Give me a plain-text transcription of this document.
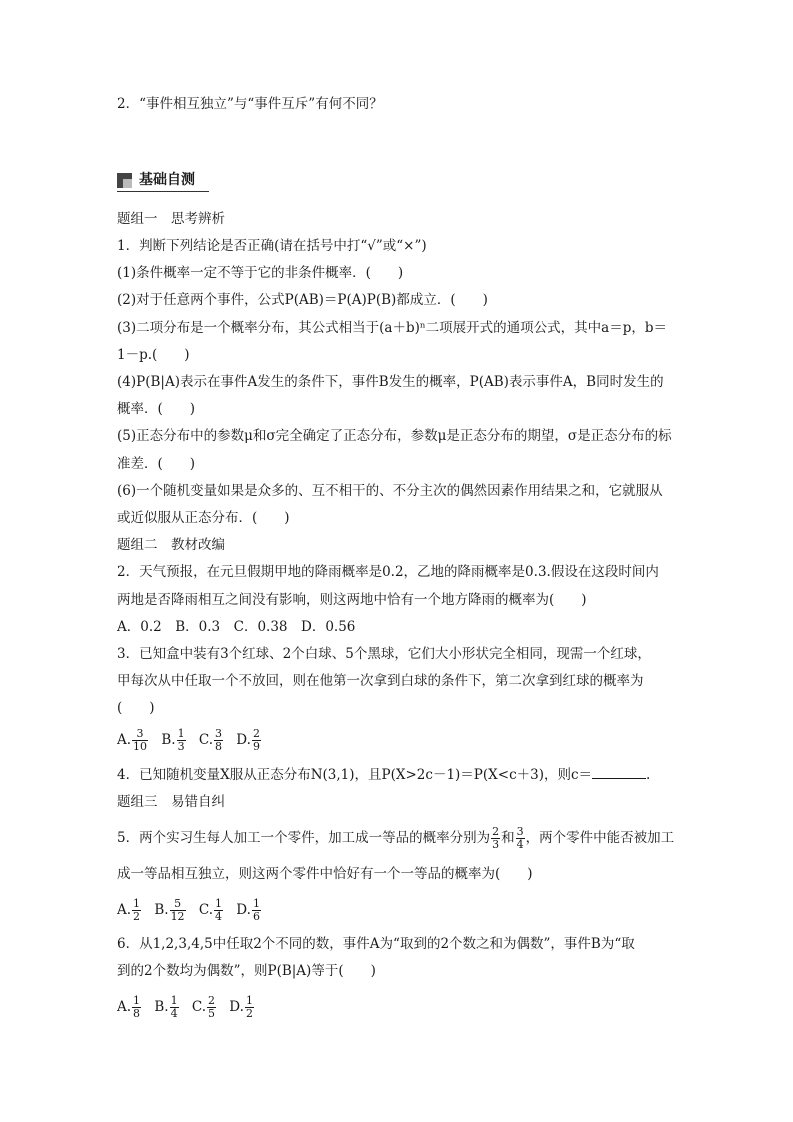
2．“事件相互独立”与“事件互斥”有何不同？
基础自测
题组一　思考辨析
1．判断下列结论是否正确(请在括号中打“√”或“×”)
(1)条件概率一定不等于它的非条件概率．(　　)
(2)对于任意两个事件，公式P(AB)＝P(A)P(B)都成立．(　　)
(3)二项分布是一个概率分布，其公式相当于(a＋b)ⁿ二项展开式的通项公式，其中a＝p，b＝
1－p.(　　)
(4)P(B|A)表示在事件A发生的条件下，事件B发生的概率，P(AB)表示事件A，B同时发生的
概率．(　　)
(5)正态分布中的参数μ和σ完全确定了正态分布，参数μ是正态分布的期望，σ是正态分布的标
准差．(　　)
(6)一个随机变量如果是众多的、互不相干的、不分主次的偶然因素作用结果之和，它就服从
或近似服从正态分布．(　　)
题组二　教材改编
2．天气预报，在元旦假期甲地的降雨概率是0.2，乙地的降雨概率是0.3.假设在这段时间内
两地是否降雨相互之间没有影响，则这两地中恰有一个地方降雨的概率为(　　)
A．0.2　B．0.3　C．0.38　D．0.56
3．已知盒中装有3个红球、2个白球、5个黑球，它们大小形状完全相同，现需一个红球，
甲每次从中任取一个不放回，则在他第一次拿到白球的条件下，第二次拿到红球的概率为
(　　)
A. $\frac{3}{10} B$. $\frac{1}{3} C$. $\frac{3}{8} D$. $\frac{2}{9}$
4．已知随机变量X服从正态分布N(3,1)，且P(X>2c－1)＝P(X<c＋3)，则c＝	.
题组三　易错自纠
5．两个实习生每人加工一个零件，加工成一等品的概率分别为 $\frac{2}{3}$ 和 $\frac{3}{4}$ ，两个零件中能否被加工
成一等品相互独立，则这两个零件中恰好有一个一等品的概率为(　　)
A. $\frac{1}{2} B$. $\frac{5}{12} C$. $\frac{1}{4} D$. $\frac{1}{6}$
6．从1,2,3,4,5中任取2个不同的数，事件A为“取到的2个数之和为偶数”，事件B为“取
到的2个数均为偶数”，则P(B|A)等于(　　)
A. $\frac{1}{8} B$. $\frac{1}{4} C$. $\frac{2}{5} D$. $\frac{1}{2}$
